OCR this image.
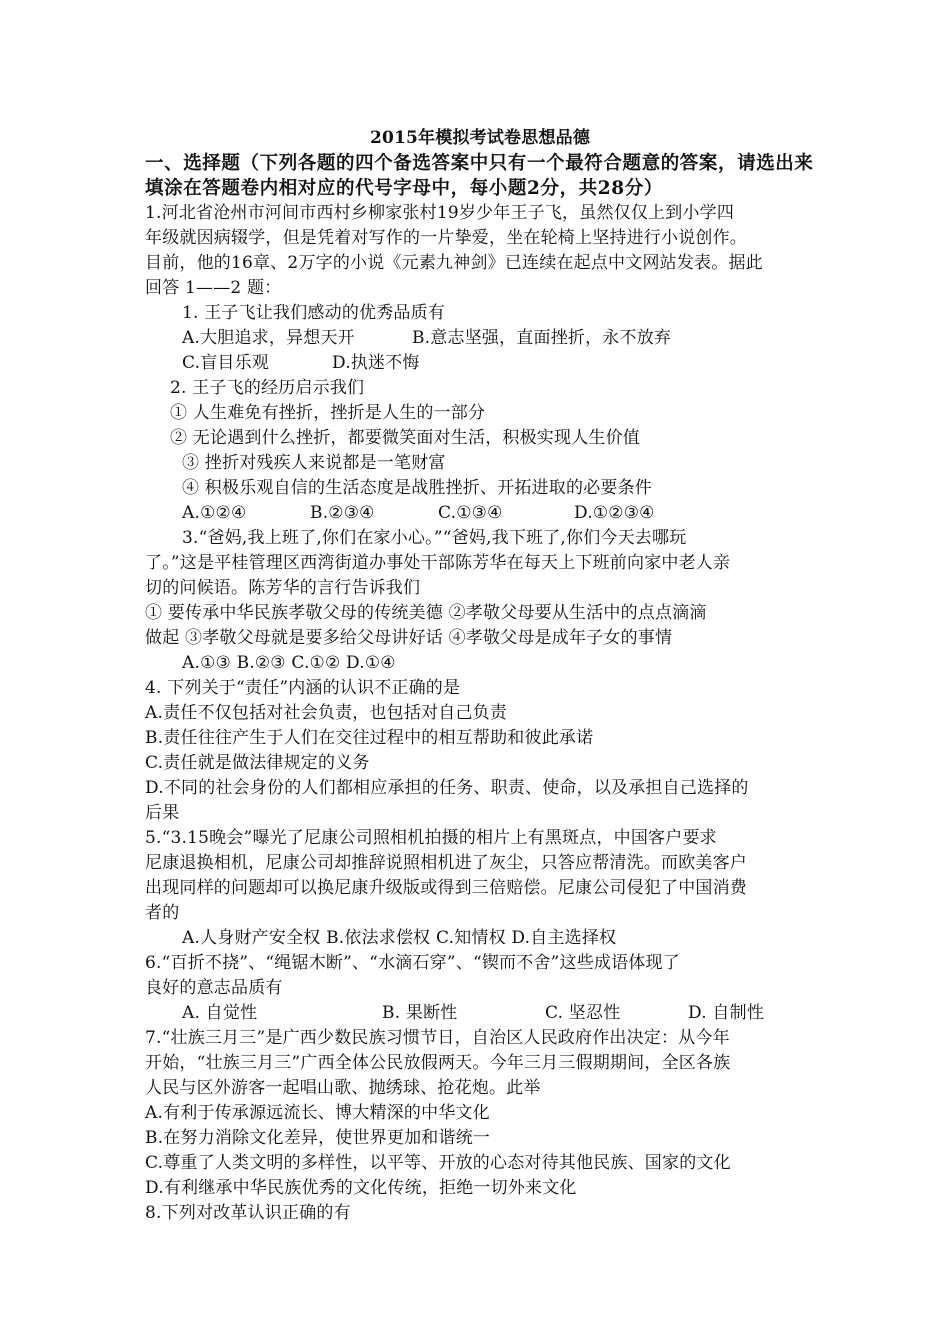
2015年模拟考试卷思想品德
一、选择题（下列各题的四个备选答案中只有一个最符合题意的答案，请选出来
填涂在答题卷内相对应的代号字母中，每小题2分，共28分）
1.河北省沧州市河间市西村乡柳家张村19岁少年王子飞，虽然仅仅上到小学四
年级就因病辍学，但是凭着对写作的一片挚爱，坐在轮椅上坚持进行小说创作。
目前，他的16章、2万字的小说《元素九神剑》已连续在起点中文网站发表。据此
回答 1——2 题：
1. 王子飞让我们感动的优秀品质有
A.大胆追求，异想天开	B.意志坚强，直面挫折，永不放弃
C.盲目乐观	D.执迷不悔
2. 王子飞的经历启示我们
① 人生难免有挫折，挫折是人生的一部分
② 无论遇到什么挫折，都要微笑面对生活，积极实现人生价值
③ 挫折对残疾人来说都是一笔财富
④ 积极乐观自信的生活态度是战胜挫折、开拓进取的必要条件
A.①②④	B.②③④	C.①③④	D.①②③④
3.“爸妈,我上班了,你们在家小心。”“爸妈,我下班了,你们今天去哪玩
了。”这是平桂管理区西湾街道办事处干部陈芳华在每天上下班前向家中老人亲
切的问候语。陈芳华的言行告诉我们
① 要传承中华民族孝敬父母的传统美德 ②孝敬父母要从生活中的点点滴滴
做起 ③孝敬父母就是要多给父母讲好话 ④孝敬父母是成年子女的事情
A.①③ B.②③ C.①② D.①④
4. 下列关于“责任”内涵的认识不正确的是
A.责任不仅包括对社会负责，也包括对自己负责
B.责任往往产生于人们在交往过程中的相互帮助和彼此承诺
C.责任就是做法律规定的义务
D.不同的社会身份的人们都相应承担的任务、职责、使命，以及承担自己选择的
后果
5.“3.15晚会”曝光了尼康公司照相机拍摄的相片上有黑斑点，中国客户要求
尼康退换相机，尼康公司却推辞说照相机进了灰尘，只答应帮清洗。而欧美客户
出现同样的问题却可以换尼康升级版或得到三倍赔偿。尼康公司侵犯了中国消费
者的
A.人身财产安全权 B.依法求偿权 C.知情权 D.自主选择权
6.“百折不挠”、“绳锯木断”、“水滴石穿”、“锲而不舍”这些成语体现了
良好的意志品质有
A. 自觉性	B. 果断性	C. 坚忍性	D. 自制性
7.“壮族三月三”是广西少数民族习惯节日，自治区人民政府作出决定：从今年
开始，“壮族三月三”广西全体公民放假两天。今年三月三假期期间，全区各族
人民与区外游客一起唱山歌、抛绣球、抢花炮。此举
A.有利于传承源远流长、博大精深的中华文化
B.在努力消除文化差异，使世界更加和谐统一
C.尊重了人类文明的多样性，以平等、开放的心态对待其他民族、国家的文化
D.有利继承中华民族优秀的文化传统，拒绝一切外来文化
8.下列对改革认识正确的有
